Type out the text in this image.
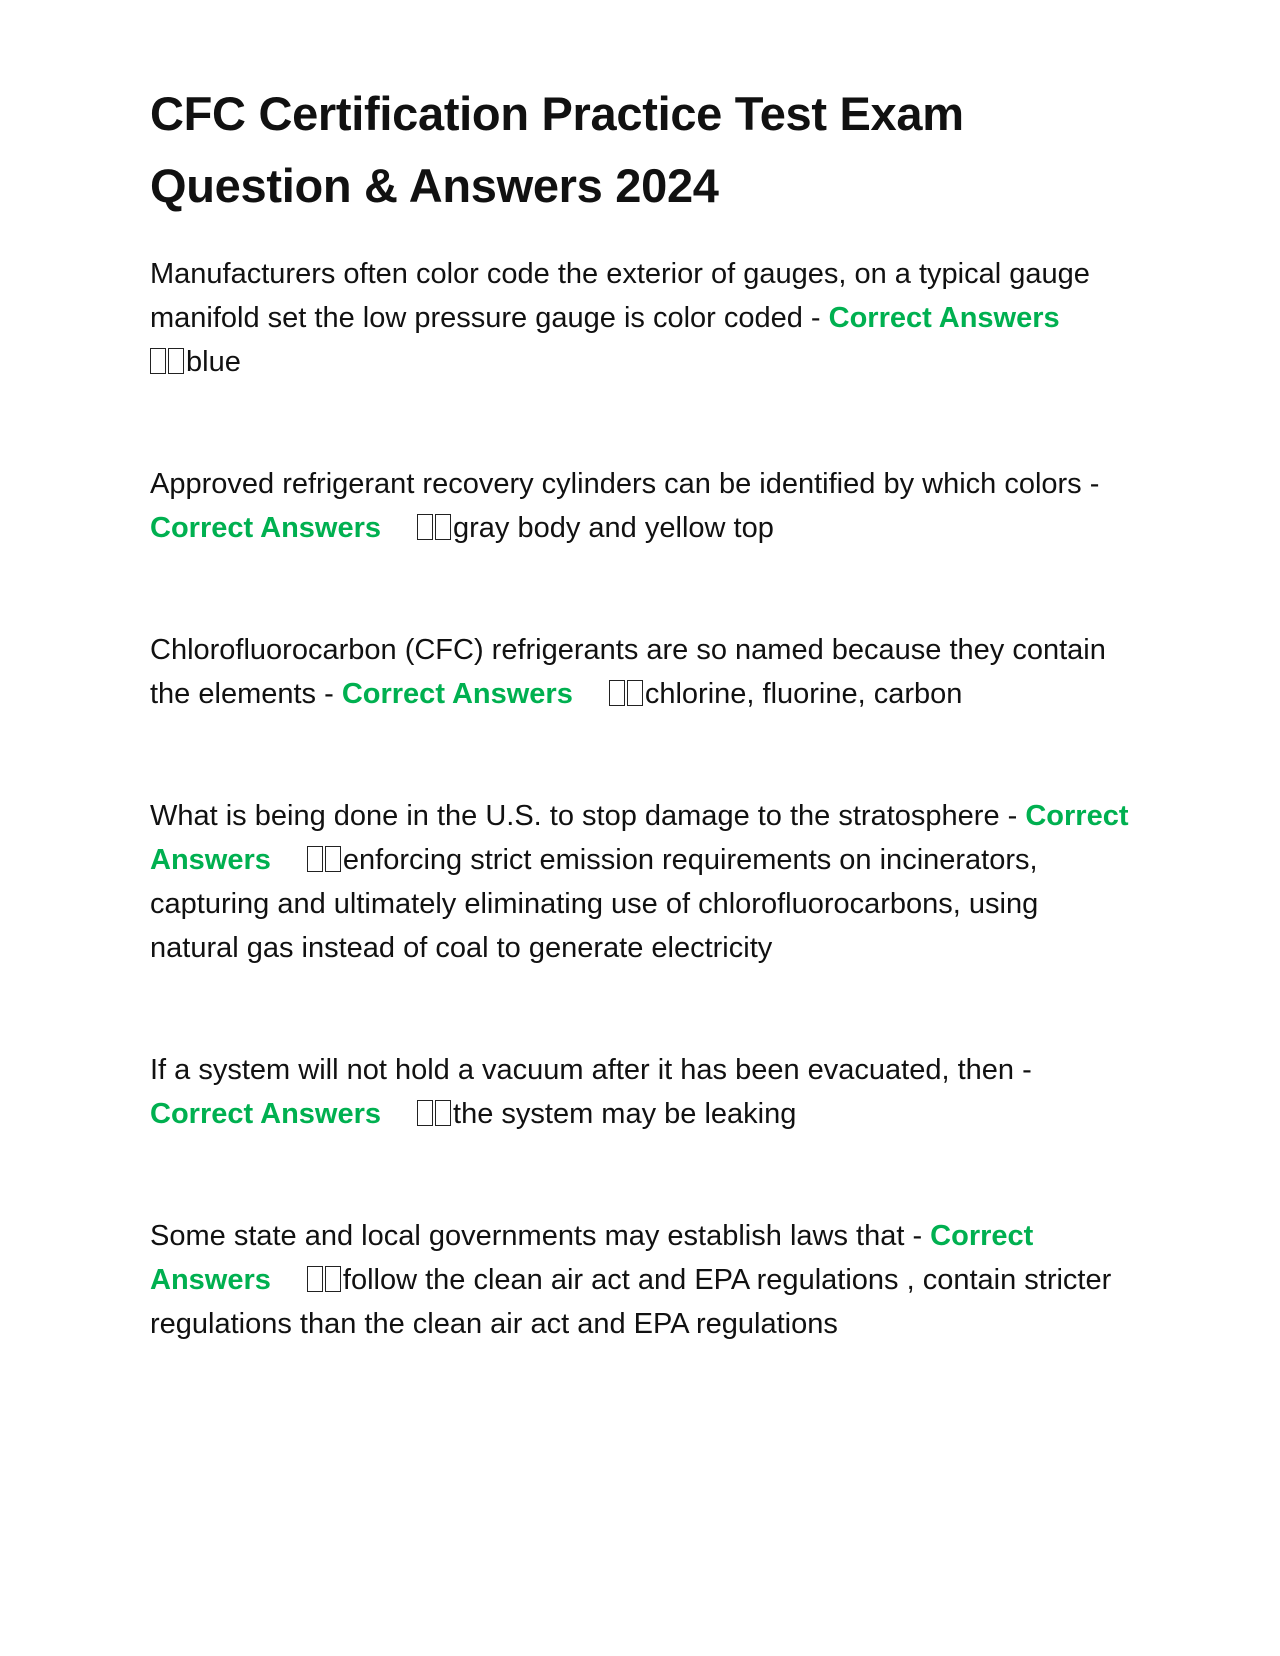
CFC Certification Practice Test Exam Question & Answers 2024

Manufacturers often color code the exterior of gauges, on a typical gauge manifold set the low pressure gauge is color coded - Correct Answers
blue

Approved refrigerant recovery cylinders can be identified by which colors - Correct Answers gray body and yellow top

Chlorofluorocarbon (CFC) refrigerants are so named because they contain the elements - Correct Answers chlorine, fluorine, carbon

What is being done in the U.S. to stop damage to the stratosphere - Correct Answers enforcing strict emission requirements on incinerators, capturing and ultimately eliminating use of chlorofluorocarbons, using natural gas instead of coal to generate electricity

If a system will not hold a vacuum after it has been evacuated, then - Correct Answers the system may be leaking

Some state and local governments may establish laws that - Correct Answers follow the clean air act and EPA regulations , contain stricter regulations than the clean air act and EPA regulations
